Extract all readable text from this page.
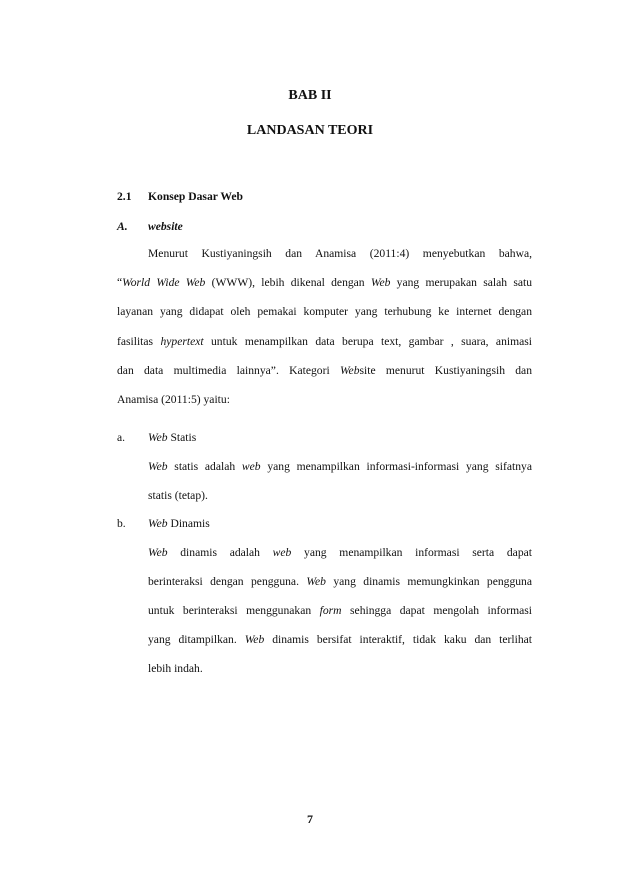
BAB II
LANDASAN TEORI
2.1 Konsep Dasar Web
A. website
Menurut Kustiyaningsih dan Anamisa (2011:4) menyebutkan bahwa,
“World Wide Web (WWW), lebih dikenal dengan Web yang merupakan salah satu
layanan yang didapat oleh pemakai komputer yang terhubung ke internet dengan
fasilitas hypertext untuk menampilkan data berupa text, gambar , suara, animasi
dan data multimedia lainnya”. Kategori Website menurut Kustiyaningsih dan
Anamisa (2011:5) yaitu:
a. Web Statis
Web statis adalah web yang menampilkan informasi-informasi yang sifatnya
statis (tetap).
b. Web Dinamis
Web dinamis adalah web yang menampilkan informasi serta dapat
berinteraksi dengan pengguna. Web yang dinamis memungkinkan pengguna
untuk berinteraksi menggunakan form sehingga dapat mengolah informasi
yang ditampilkan. Web dinamis bersifat interaktif, tidak kaku dan terlihat
lebih indah.
7
